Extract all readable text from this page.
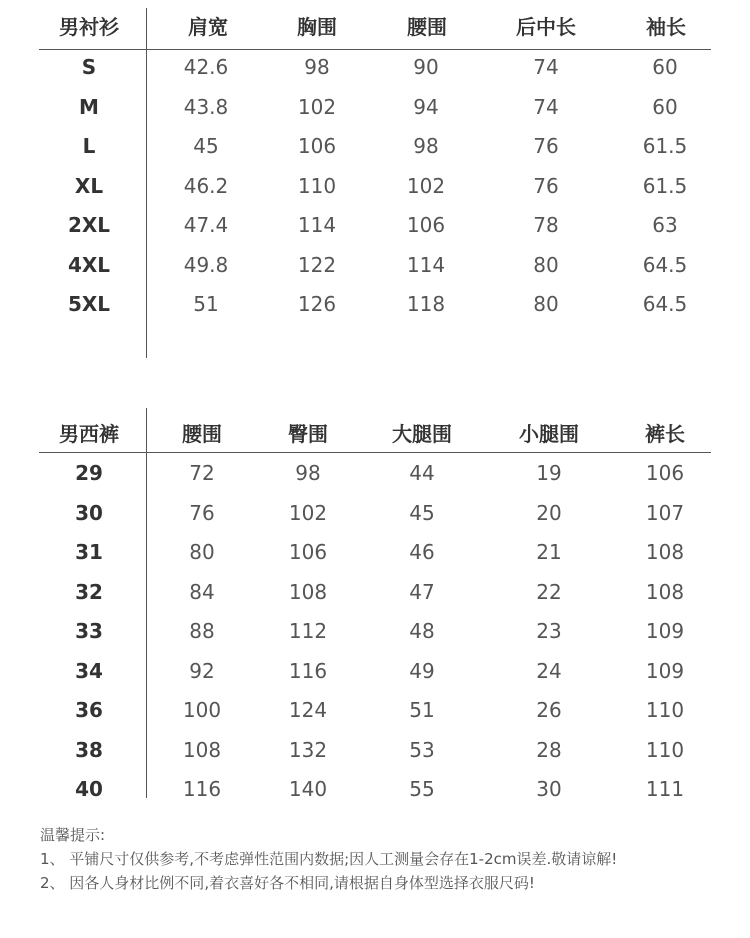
男衬衫	肩宽	胸围	腰围	后中长	袖长
S	42.6	98	90	74	60
M	43.8	102	94	74	60
L	45	106	98	76	61.5
XL	46.2	110	102	76	61.5
2XL	47.4	114	106	78	63
4XL	49.8	122	114	80	64.5
5XL	51	126	118	80	64.5
男西裤	腰围	臀围	大腿围	小腿围	裤长
29	72	98	44	19	106
30	76	102	45	20	107
31	80	106	46	21	108
32	84	108	47	22	108
33	88	112	48	23	109
34	92	116	49	24	109
36	100	124	51	26	110
38	108	132	53	28	110
40	116	140	55	30	111
温馨提示:
1、 平铺尺寸仅供参考,不考虑弹性范围内数据;因人工测量会存在1-2cm误差.敬请谅解!
2、 因各人身材比例不同,着衣喜好各不相同,请根据自身体型选择衣服尺码!
